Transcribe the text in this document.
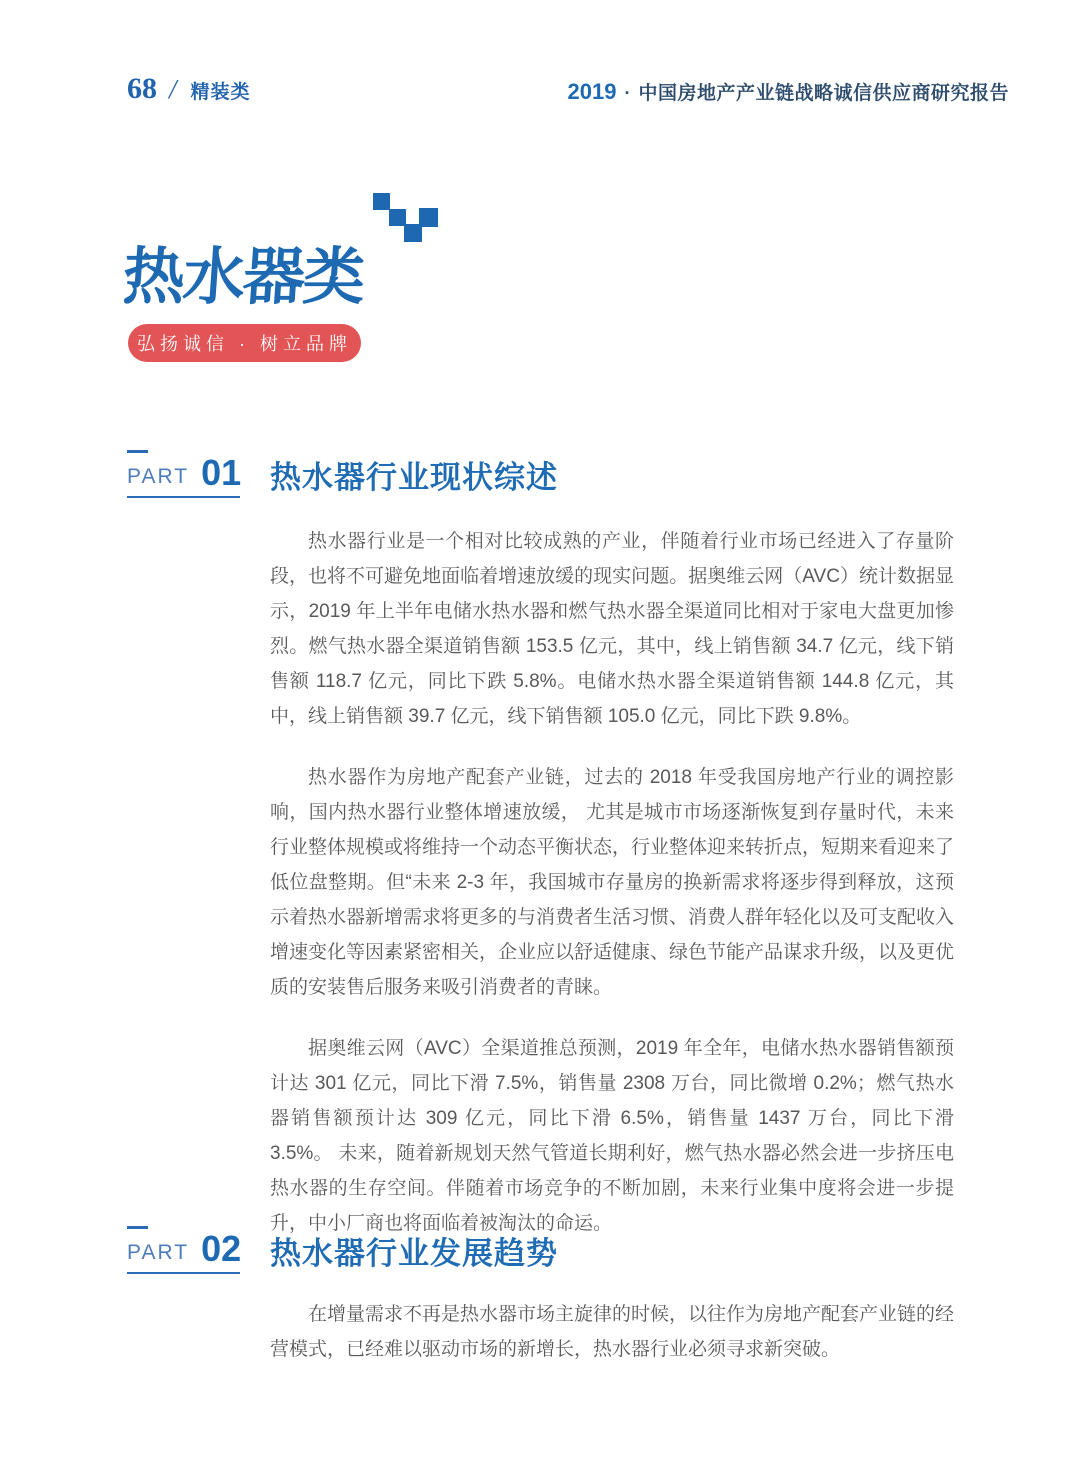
68 / 精装类	2019 · 中国房地产产业链战略诚信供应商研究报告
热水器类
弘扬诚信 · 树立品牌
PART 01 热水器行业现状综述

热水器行业是一个相对比较成熟的产业，伴随着行业市场已经进入了存量阶段，也将不可避免地面临着增速放缓的现实问题。据奥维云网（AVC）统计数据显示，2019 年上半年电储水热水器和燃气热水器全渠道同比相对于家电大盘更加惨烈。燃气热水器全渠道销售额 153.5 亿元，其中，线上销售额 34.7 亿元，线下销售额 118.7 亿元，同比下跌 5.8%。电储水热水器全渠道销售额 144.8 亿元，其中，线上销售额 39.7 亿元，线下销售额 105.0 亿元，同比下跌 9.8%。

热水器作为房地产配套产业链，过去的 2018 年受我国房地产行业的调控影响，国内热水器行业整体增速放缓， 尤其是城市市场逐渐恢复到存量时代，未来行业整体规模或将维持一个动态平衡状态，行业整体迎来转折点，短期来看迎来了低位盘整期。但“未来 2-3 年，我国城市存量房的换新需求将逐步得到释放，这预示着热水器新增需求将更多的与消费者生活习惯、消费人群年轻化以及可支配收入增速变化等因素紧密相关，企业应以舒适健康、绿色节能产品谋求升级，以及更优质的安装售后服务来吸引消费者的青睐。

据奥维云网（AVC）全渠道推总预测，2019 年全年，电储水热水器销售额预计达 301 亿元，同比下滑 7.5%，销售量 2308 万台，同比微增 0.2%；燃气热水器销售额预计达 309 亿元，同比下滑 6.5%，销售量 1437 万台，同比下滑 3.5%。 未来，随着新规划天然气管道长期利好，燃气热水器必然会进一步挤压电热水器的生存空间。伴随着市场竞争的不断加剧，未来行业集中度将会进一步提升，中小厂商也将面临着被淘汰的命运。

PART 02 热水器行业发展趋势

在增量需求不再是热水器市场主旋律的时候，以往作为房地产配套产业链的经营模式，已经难以驱动市场的新增长，热水器行业必须寻求新突破。
